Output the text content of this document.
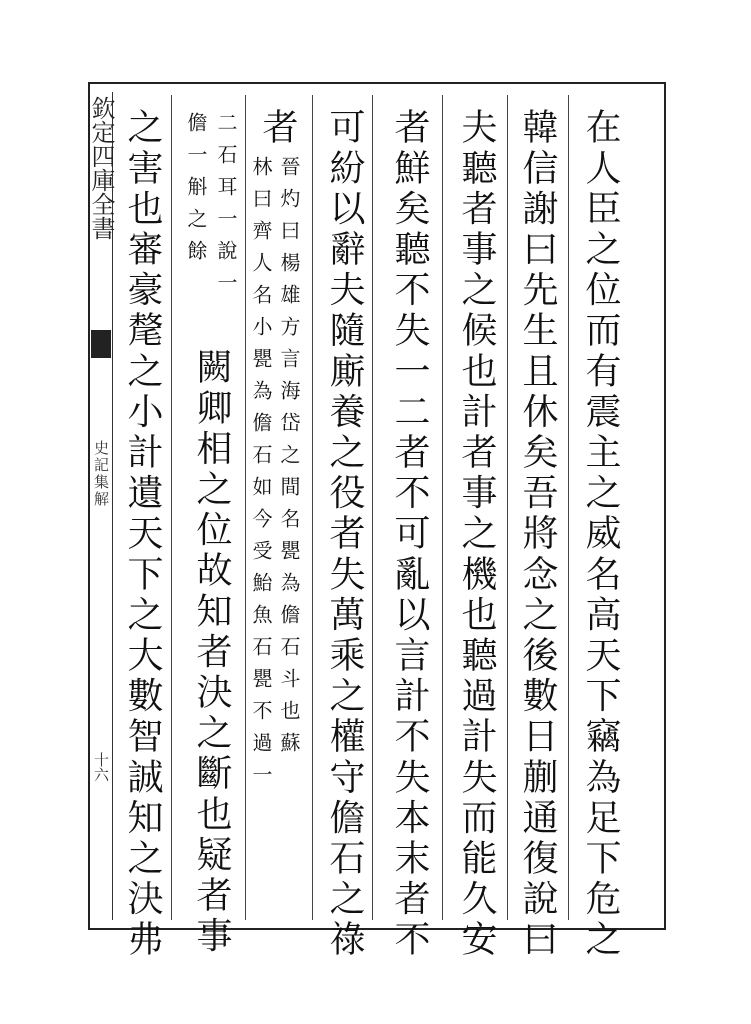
欽定四庫全書
史記集解
十六	在人臣之位而有震主之威名高天下竊為足下危之
韓信謝曰先生且休矣吾將念之後數日蒯通復說曰
夫聽者事之候也計者事之機也聽過計失而能久安
者鮮矣聽不失一二者不可亂以言計不失本末者不
可紛以辭夫隨廝養之役者失萬乘之權守儋石之祿
者
闕卿相之位故知者決之斷也疑者事
之害也審豪氂之小計遺天下之大數智誠知之決弗	晉灼曰楊雄方言海岱之間名甖為儋石斗也蘇
林曰齊人名小甖為儋石如今受鮐魚石甖不過一
二石耳一說一
儋一斛之餘
